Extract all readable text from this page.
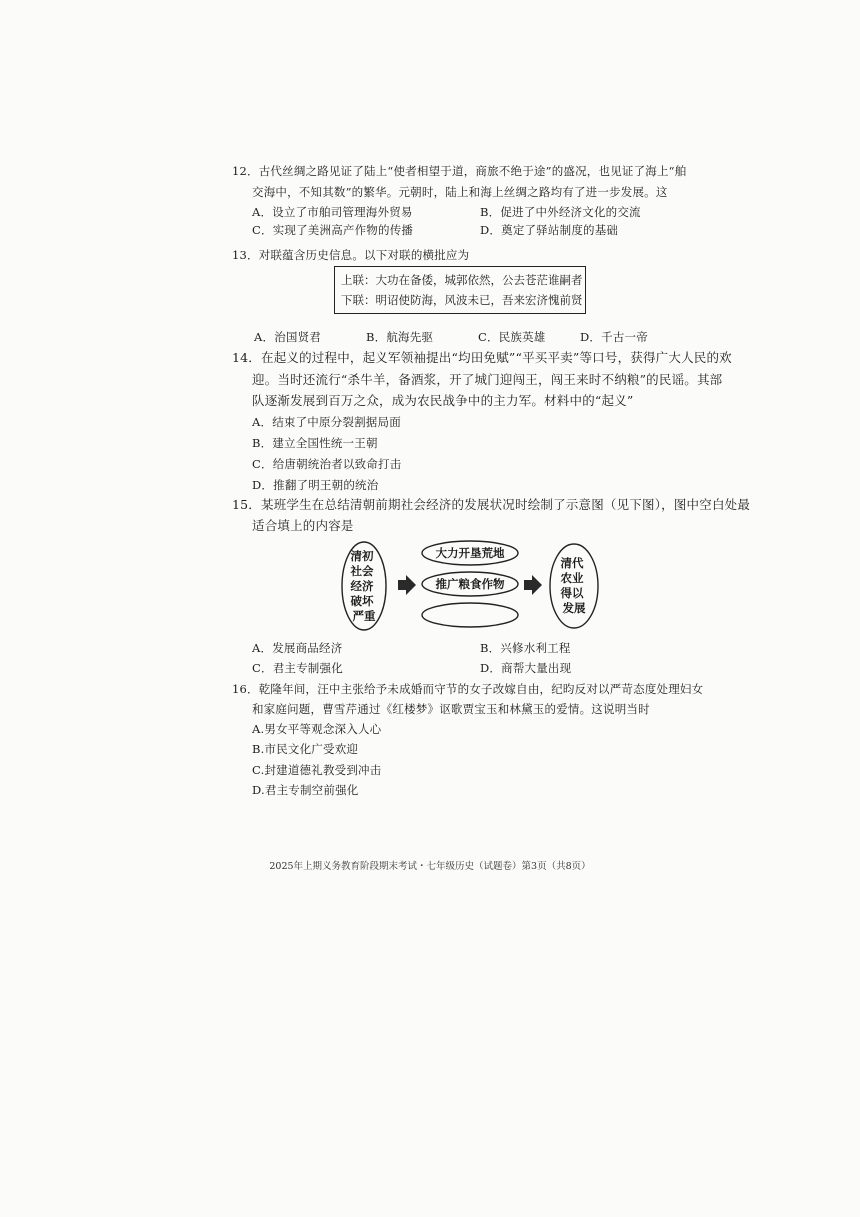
12．古代丝绸之路见证了陆上“使者相望于道，商旅不绝于途”的盛况，也见证了海上“舶
交海中，不知其数”的繁华。元朝时，陆上和海上丝绸之路均有了进一步发展。这
A．设立了市舶司管理海外贸易	B．促进了中外经济文化的交流
C．实现了美洲高产作物的传播	D．奠定了驿站制度的基础
13．对联蕴含历史信息。以下对联的横批应为
上联：大功在备倭，城郭依然，公去苍茫谁嗣者
下联：明诏使防海，风波未已，吾来宏济愧前贤
A．治国贤君	B．航海先驱	C．民族英雄	D．千古一帝
14．在起义的过程中，起义军领袖提出“均田免赋”“平买平卖”等口号，获得广大人民的欢
迎。当时还流行“杀牛羊，备酒浆，开了城门迎闯王，闯王来时不纳粮”的民谣。其部
队逐渐发展到百万之众，成为农民战争中的主力军。材料中的“起义”
A．结束了中原分裂割据局面
B．建立全国性统一王朝
C．给唐朝统治者以致命打击
D．推翻了明王朝的统治
15．某班学生在总结清朝前期社会经济的发展状况时绘制了示意图（见下图），图中空白处最
适合填上的内容是
清初 社会 经济 破坏 严重
大力开垦荒地
推广粮食作物
清代 农业 得以 发展
A．发展商品经济	B．兴修水利工程
C．君主专制强化	D．商帮大量出现
16．乾隆年间，汪中主张给予未成婚而守节的女子改嫁自由，纪昀反对以严苛态度处理妇女
和家庭问题，曹雪芹通过《红楼梦》讴歌贾宝玉和林黛玉的爱情。这说明当时
A.男女平等观念深入人心
B.市民文化广受欢迎
C.封建道德礼教受到冲击
D.君主专制空前强化
2025年上期义务教育阶段期末考试・七年级历史（试题卷）第3页（共8页）
